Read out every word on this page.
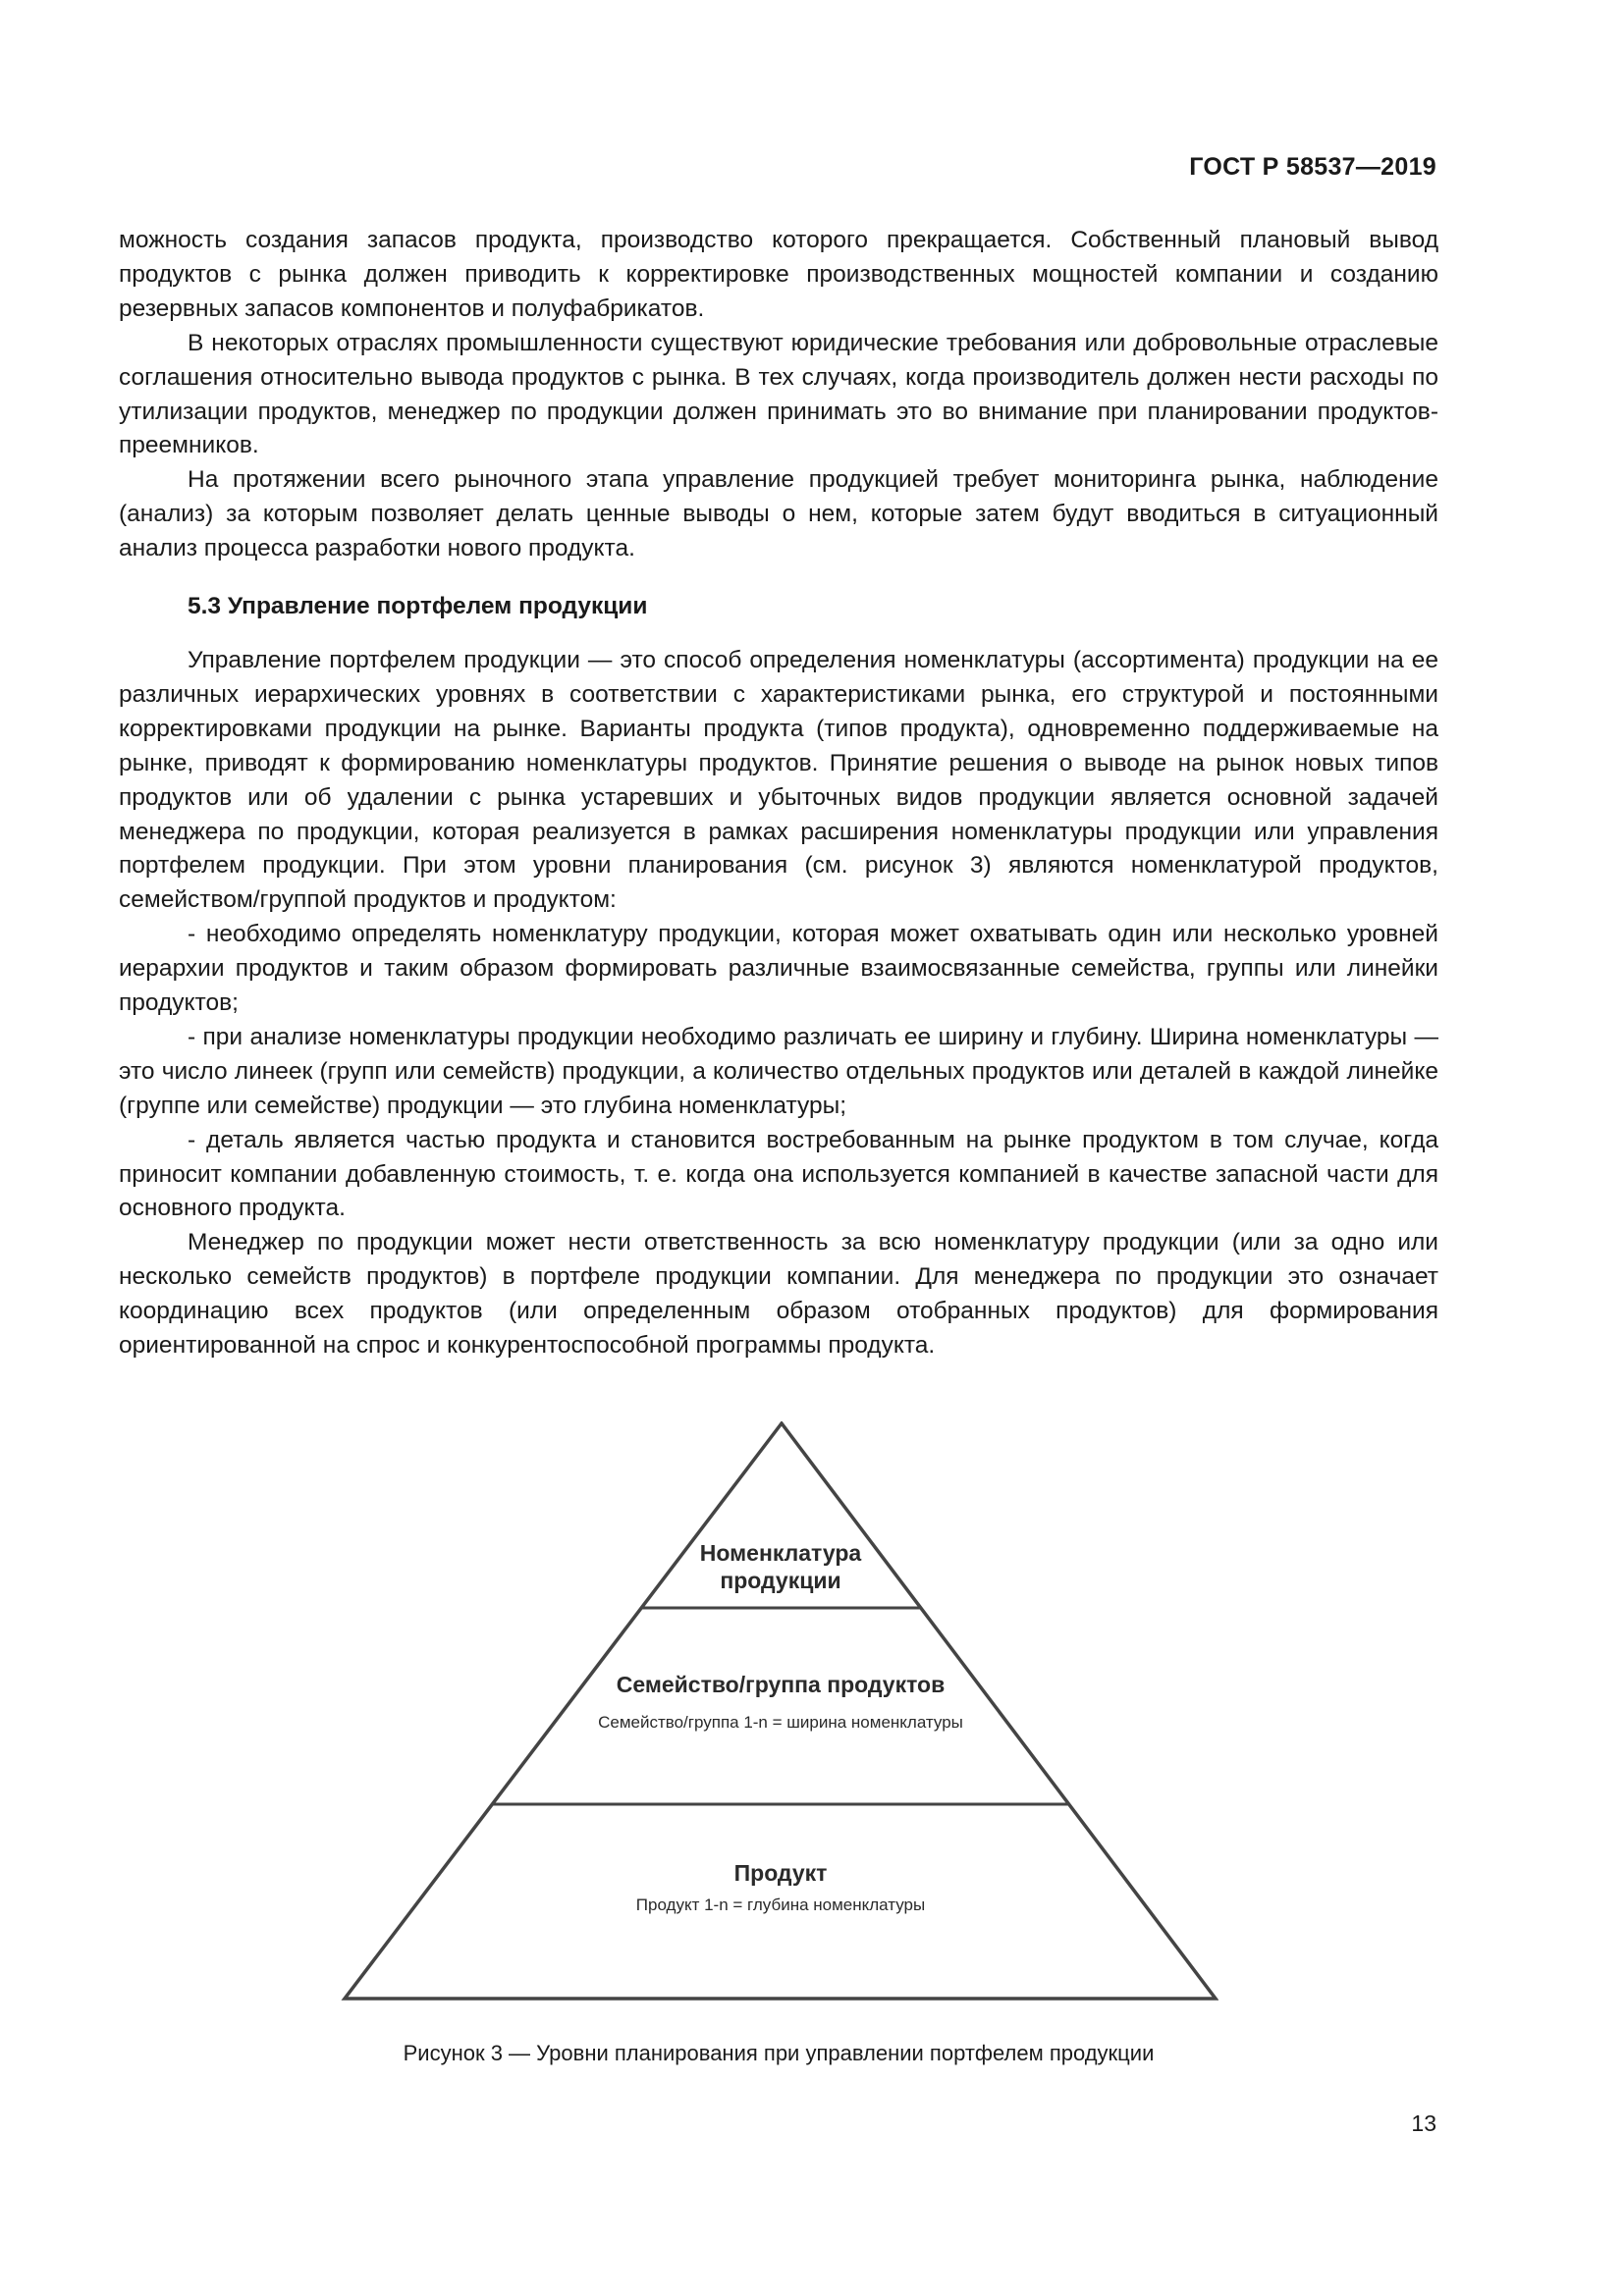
ГОСТ Р 58537—2019

можность создания запасов продукта, производство которого прекращается. Собственный плановый вывод продуктов с рынка должен приводить к корректировке производственных мощностей компании и созданию резервных запасов компонентов и полуфабрикатов.

В некоторых отраслях промышленности существуют юридические требования или добровольные отраслевые соглашения относительно вывода продуктов с рынка. В тех случаях, когда производитель должен нести расходы по утилизации продуктов, менеджер по продукции должен принимать это во внимание при планировании продуктов-преемников.

На протяжении всего рыночного этапа управление продукцией требует мониторинга рынка, наблюдение (анализ) за которым позволяет делать ценные выводы о нем, которые затем будут вводиться в ситуационный анализ процесса разработки нового продукта.

5.3 Управление портфелем продукции

Управление портфелем продукции — это способ определения номенклатуры (ассортимента) продукции на ее различных иерархических уровнях в соответствии с характеристиками рынка, его структурой и постоянными корректировками продукции на рынке. Варианты продукта (типов продукта), одновременно поддерживаемые на рынке, приводят к формированию номенклатуры продуктов. Принятие решения о выводе на рынок новых типов продуктов или об удалении с рынка устаревших и убыточных видов продукции является основной задачей менеджера по продукции, которая реализуется в рамках расширения номенклатуры продукции или управления портфелем продукции. При этом уровни планирования (см. рисунок 3) являются номенклатурой продуктов, семейством/группой продуктов и продуктом:

- необходимо определять номенклатуру продукции, которая может охватывать один или несколько уровней иерархии продуктов и таким образом формировать различные взаимосвязанные семейства, группы или линейки продуктов;

- при анализе номенклатуры продукции необходимо различать ее ширину и глубину. Ширина номенклатуры — это число линеек (групп или семейств) продукции, а количество отдельных продуктов или деталей в каждой линейке (группе или семействе) продукции — это глубина номенклатуры;

- деталь является частью продукта и становится востребованным на рынке продуктом в том случае, когда приносит компании добавленную стоимость, т. е. когда она используется компанией в качестве запасной части для основного продукта.

Менеджер по продукции может нести ответственность за всю номенклатуру продукции (или за одно или несколько семейств продуктов) в портфеле продукции компании. Для менеджера по продукции это означает координацию всех продуктов (или определенным образом отобранных продуктов) для формирования ориентированной на спрос и конкурентоспособной программы продукта.

Номенклатура
продукции
Семейство/группа продуктов
Семейство/группа 1-n = ширина номенклатуры
Продукт
Продукт 1-n = глубина номенклатуры

Рисунок 3 — Уровни планирования при управлении портфелем продукции

13
